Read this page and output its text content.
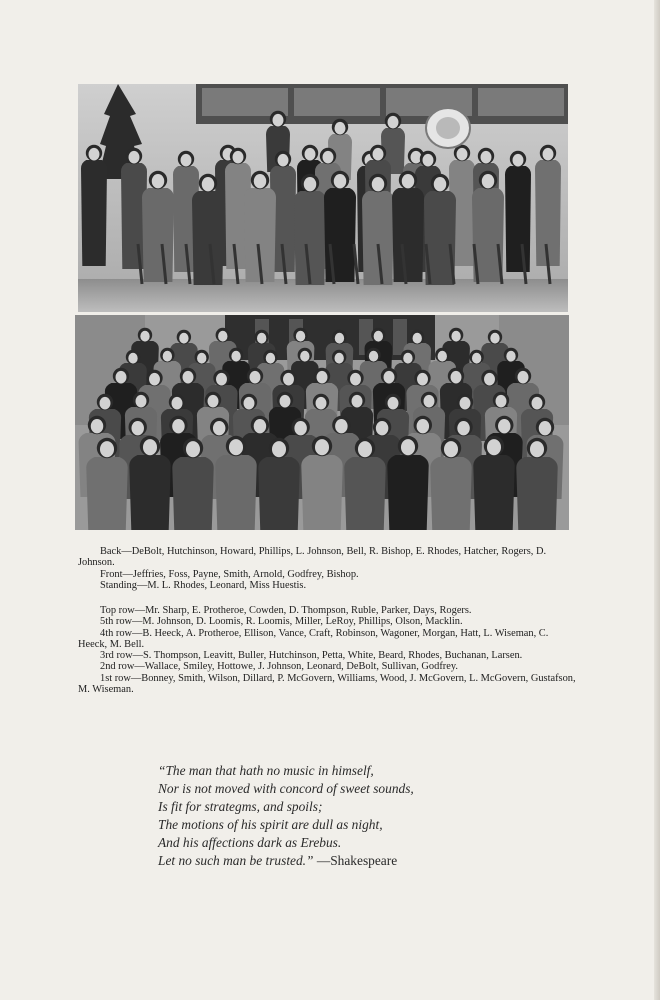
Back—DeBolt, Hutchinson, Howard, Phillips, L. Johnson, Bell, R. Bishop, E. Rhodes, Hatcher, Rogers, D. Johnson.

Front—Jeffries, Foss, Payne, Smith, Arnold, Godfrey, Bishop.

Standing—M. L. Rhodes, Leonard, Miss Huestis.

Top row—Mr. Sharp, E. Protheroe, Cowden, D. Thompson, Ruble, Parker, Days, Rogers.

5th row—M. Johnson, D. Loomis, R. Loomis, Miller, LeRoy, Phillips, Olson, Macklin.

4th row—B. Heeck, A. Protheroe, Ellison, Vance, Craft, Robinson, Wagoner, Morgan, Hatt, L. Wiseman, C. Heeck, M. Bell.

3rd row—S. Thompson, Leavitt, Buller, Hutchinson, Petta, White, Beard, Rhodes, Buchanan, Larsen.

2nd row—Wallace, Smiley, Hottowe, J. Johnson, Leonard, DeBolt, Sullivan, Godfrey.

1st row—Bonney, Smith, Wilson, Dillard, P. McGovern, Williams, Wood, J. McGovern, L. McGovern, Gustafson, M. Wiseman.

“The man that hath no music in himself,
Nor is not moved with concord of sweet sounds,
Is fit for strategms, and spoils;
The motions of his spirit are dull as night,
And his affections dark as Erebus.
Let no such man be trusted.” —Shakespeare
